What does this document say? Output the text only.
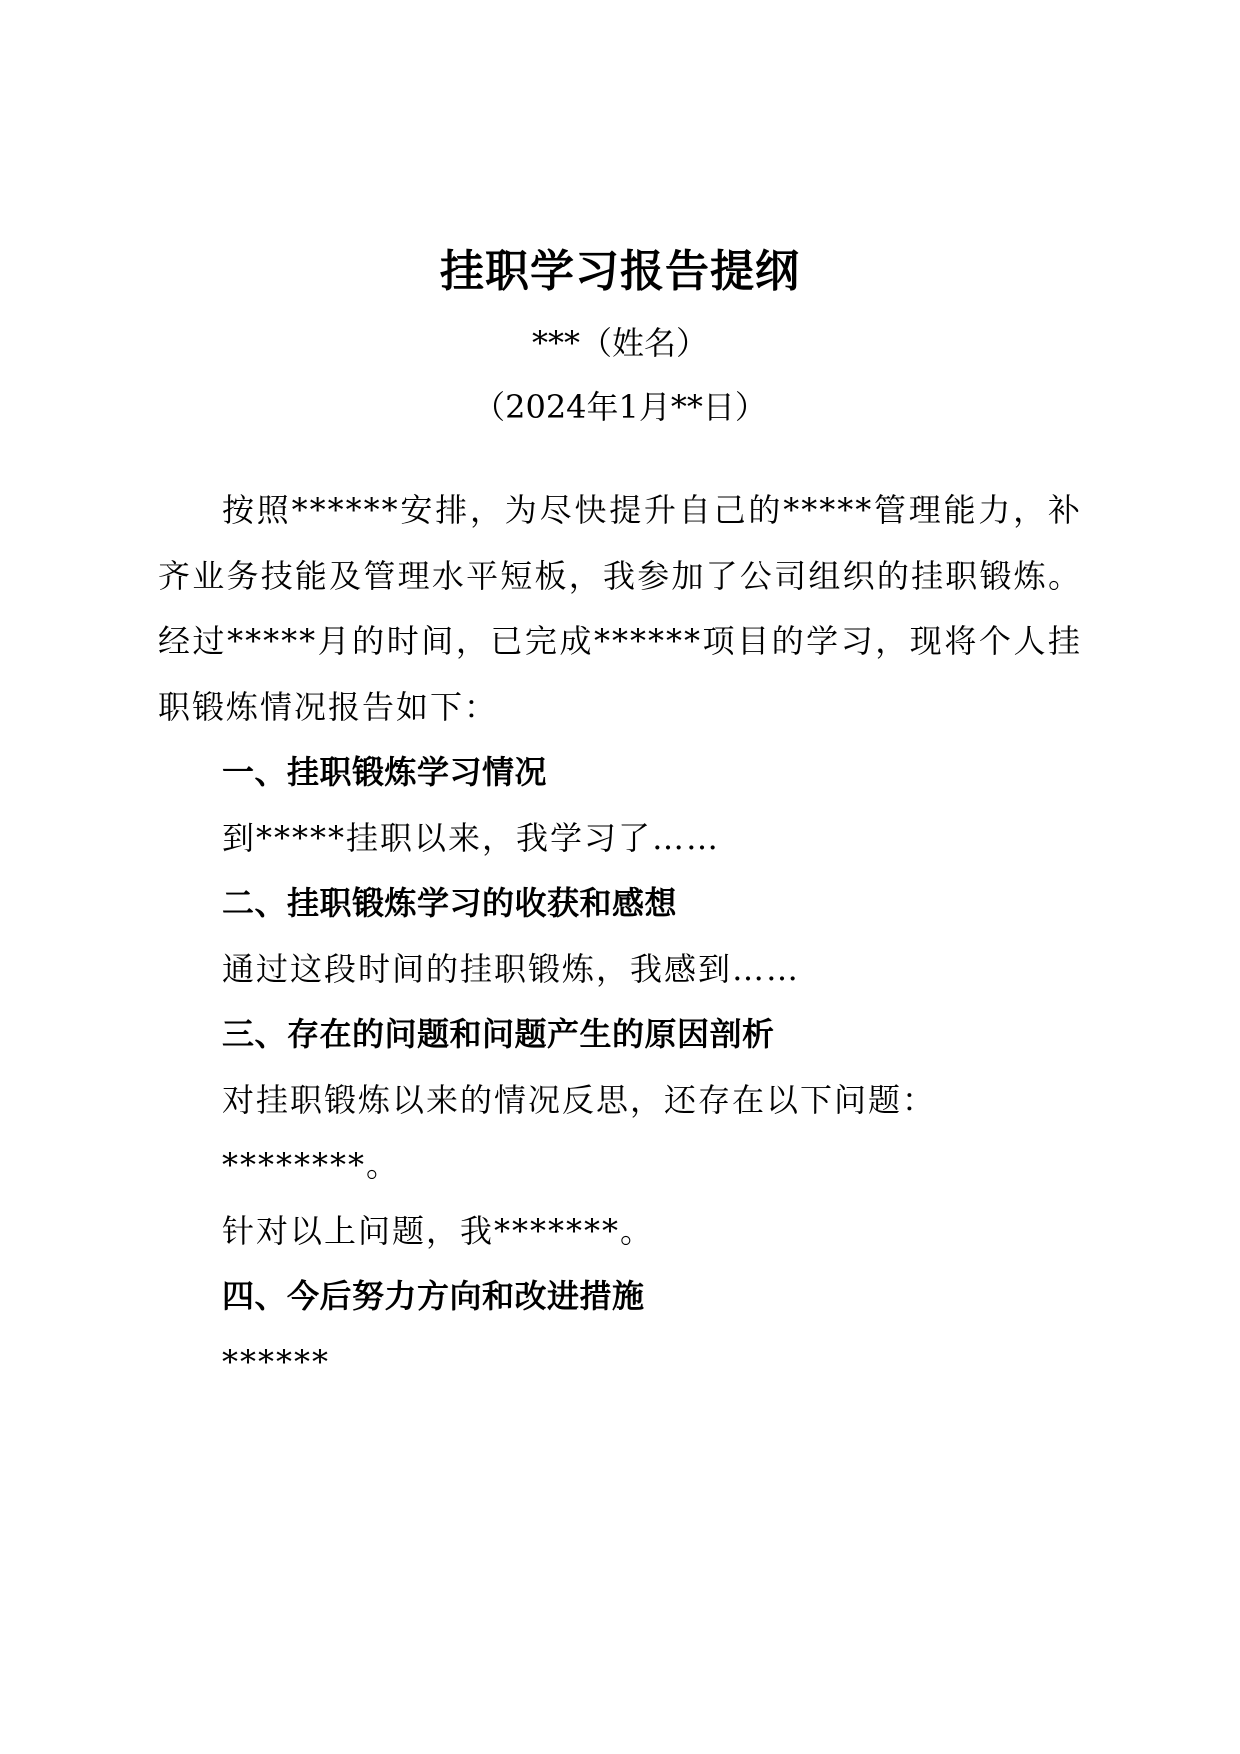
挂职学习报告提纲
***（姓名）
（2024年1月**日）

按照******安排，为尽快提升自己的*****管理能力，补齐业务技能及管理水平短板，我参加了公司组织的挂职锻炼。经过*****月的时间，已完成******项目的学习，现将个人挂职锻炼情况报告如下：

一、挂职锻炼学习情况

到*****挂职以来，我学习了……

二、挂职锻炼学习的收获和感想

通过这段时间的挂职锻炼，我感到……

三、存在的问题和问题产生的原因剖析

对挂职锻炼以来的情况反思，还存在以下问题：

********。

针对以上问题，我*******。

四、今后努力方向和改进措施

******
